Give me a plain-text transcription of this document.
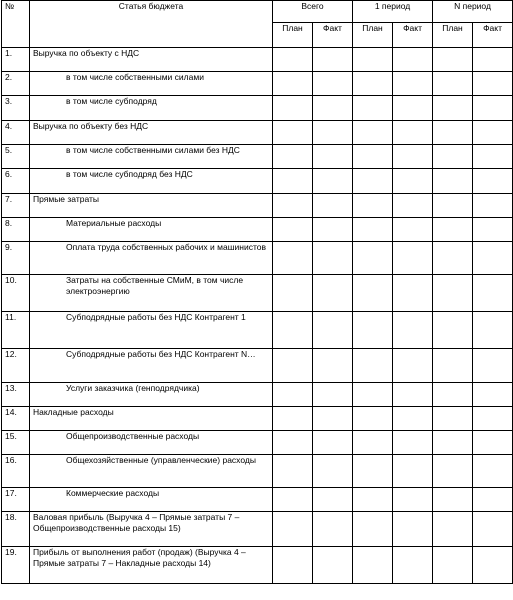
№	Статья бюджета	Всего		1 период		N период	
		План	Факт	План	Факт	План	Факт
1.	Выручка по объекту с НДС						
2.	в том числе собственными силами						

3.	в том числе субподряд						

4.	Выручка по объекту без НДС						
5.	в том числе собственными силами без НДС						

6.	в том числе субподряд без НДС						

7.	Прямые затраты						
8.	Материальные расходы						

9.	Оплата труда собственных рабочих и машинистов						

10.	Затраты на собственные СМиМ, в том числе электроэнергию						

11.	Субподрядные работы без НДС Контрагент 1						

12.	Субподрядные работы без НДС Контрагент N…						

13.	Услуги заказчика (генподрядчика)						

14.	Накладные расходы						
15.	Общепроизводственные расходы						

16.	Общехозяйственные (управленческие) расходы						

17.	Коммерческие расходы						

18.	Валовая прибыль (Выручка 4 – Прямые затраты 7 – Общепроизводственные расходы 15)						
19.	Прибыль от выполнения работ (продаж) (Выручка 4 – Прямые затраты 7 – Накладные расходы 14)						
